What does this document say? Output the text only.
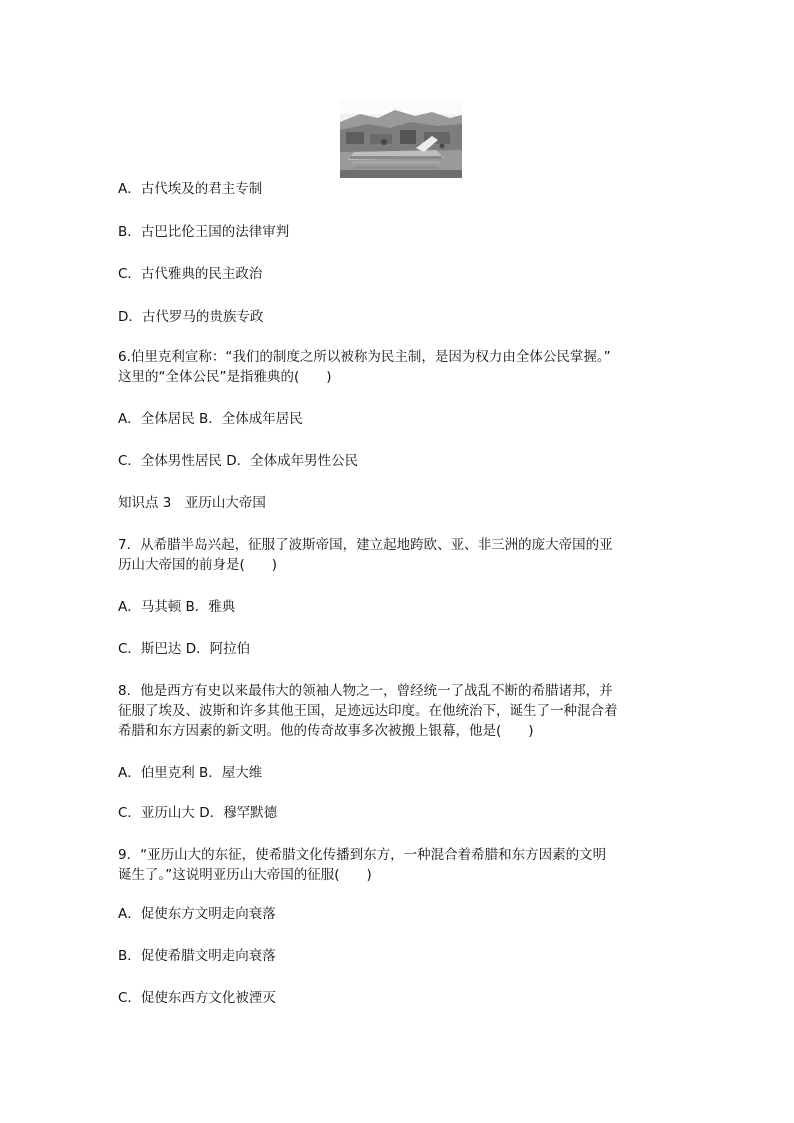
A．古代埃及的君主专制
B．古巴比伦王国的法律审判
C．古代雅典的民主政治
D．古代罗马的贵族专政
6.伯里克利宣称：“我们的制度之所以被称为民主制，是因为权力由全体公民掌握。”
这里的“全体公民”是指雅典的(　　)
A．全体居民 B．全体成年居民
C．全体男性居民 D．全体成年男性公民
知识点 3　亚历山大帝国
7．从希腊半岛兴起，征服了波斯帝国，建立起地跨欧、亚、非三洲的庞大帝国的亚
历山大帝国的前身是(　　)
A．马其顿 B．雅典
C．斯巴达 D．阿拉伯
8．他是西方有史以来最伟大的领袖人物之一，曾经统一了战乱不断的希腊诸邦，并
征服了埃及、波斯和许多其他王国，足迹远达印度。在他统治下，诞生了一种混合着
希腊和东方因素的新文明。他的传奇故事多次被搬上银幕，他是(　　)
A．伯里克利 B．屋大维
C．亚历山大 D．穆罕默德
9．“亚历山大的东征，使希腊文化传播到东方，一种混合着希腊和东方因素的文明
诞生了。”这说明亚历山大帝国的征服(　　)
A．促使东方文明走向衰落
B．促使希腊文明走向衰落
C．促使东西方文化被湮灭
